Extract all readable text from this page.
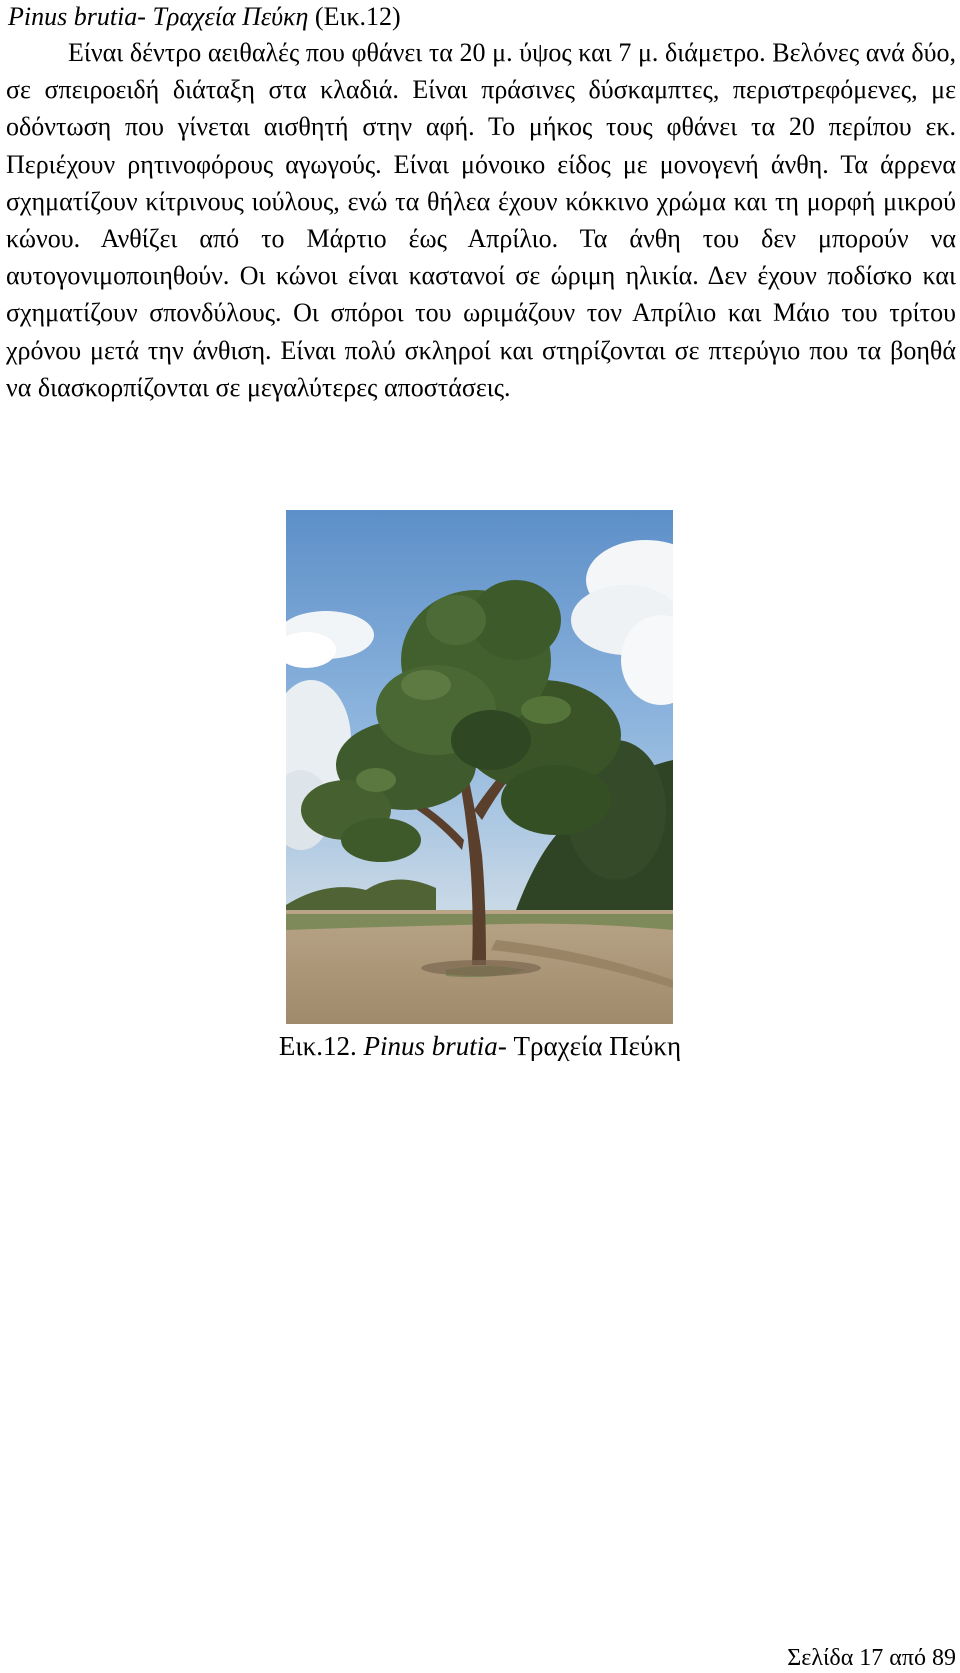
Pinus brutia- Τραχεία Πεύκη (Εικ.12)

Είναι δέντρο αειθαλές που φθάνει τα 20 μ. ύψος και 7 μ. διάμετρο. Βελόνες ανά δύο, σε σπειροειδή διάταξη στα κλαδιά. Είναι πράσινες δύσκαμπτες, περιστρεφόμενες, με οδόντωση που γίνεται αισθητή στην αφή. Το μήκος τους φθάνει τα 20 περίπου εκ. Περιέχουν ρητινοφόρους αγωγούς. Είναι μόνοικο είδος με μονογενή άνθη. Τα άρρενα σχηματίζουν κίτρινους ιούλους, ενώ τα θήλεα έχουν κόκκινο χρώμα και τη μορφή μικρού κώνου. Ανθίζει από το Μάρτιο έως Απρίλιο. Τα άνθη του δεν μπορούν να αυτογονιμοποιηθούν. Οι κώνοι είναι καστανοί σε ώριμη ηλικία. Δεν έχουν ποδίσκο και σχηματίζουν σπονδύλους. Οι σπόροι του ωριμάζουν τον Απρίλιο και Μάιο του τρίτου χρόνου μετά την άνθιση. Είναι πολύ σκληροί και στηρίζονται σε πτερύγιο που τα βοηθά να διασκορπίζονται σε μεγαλύτερες αποστάσεις.

Εικ.12. Pinus brutia- Τραχεία Πεύκη
Σελίδα 17 από 89
